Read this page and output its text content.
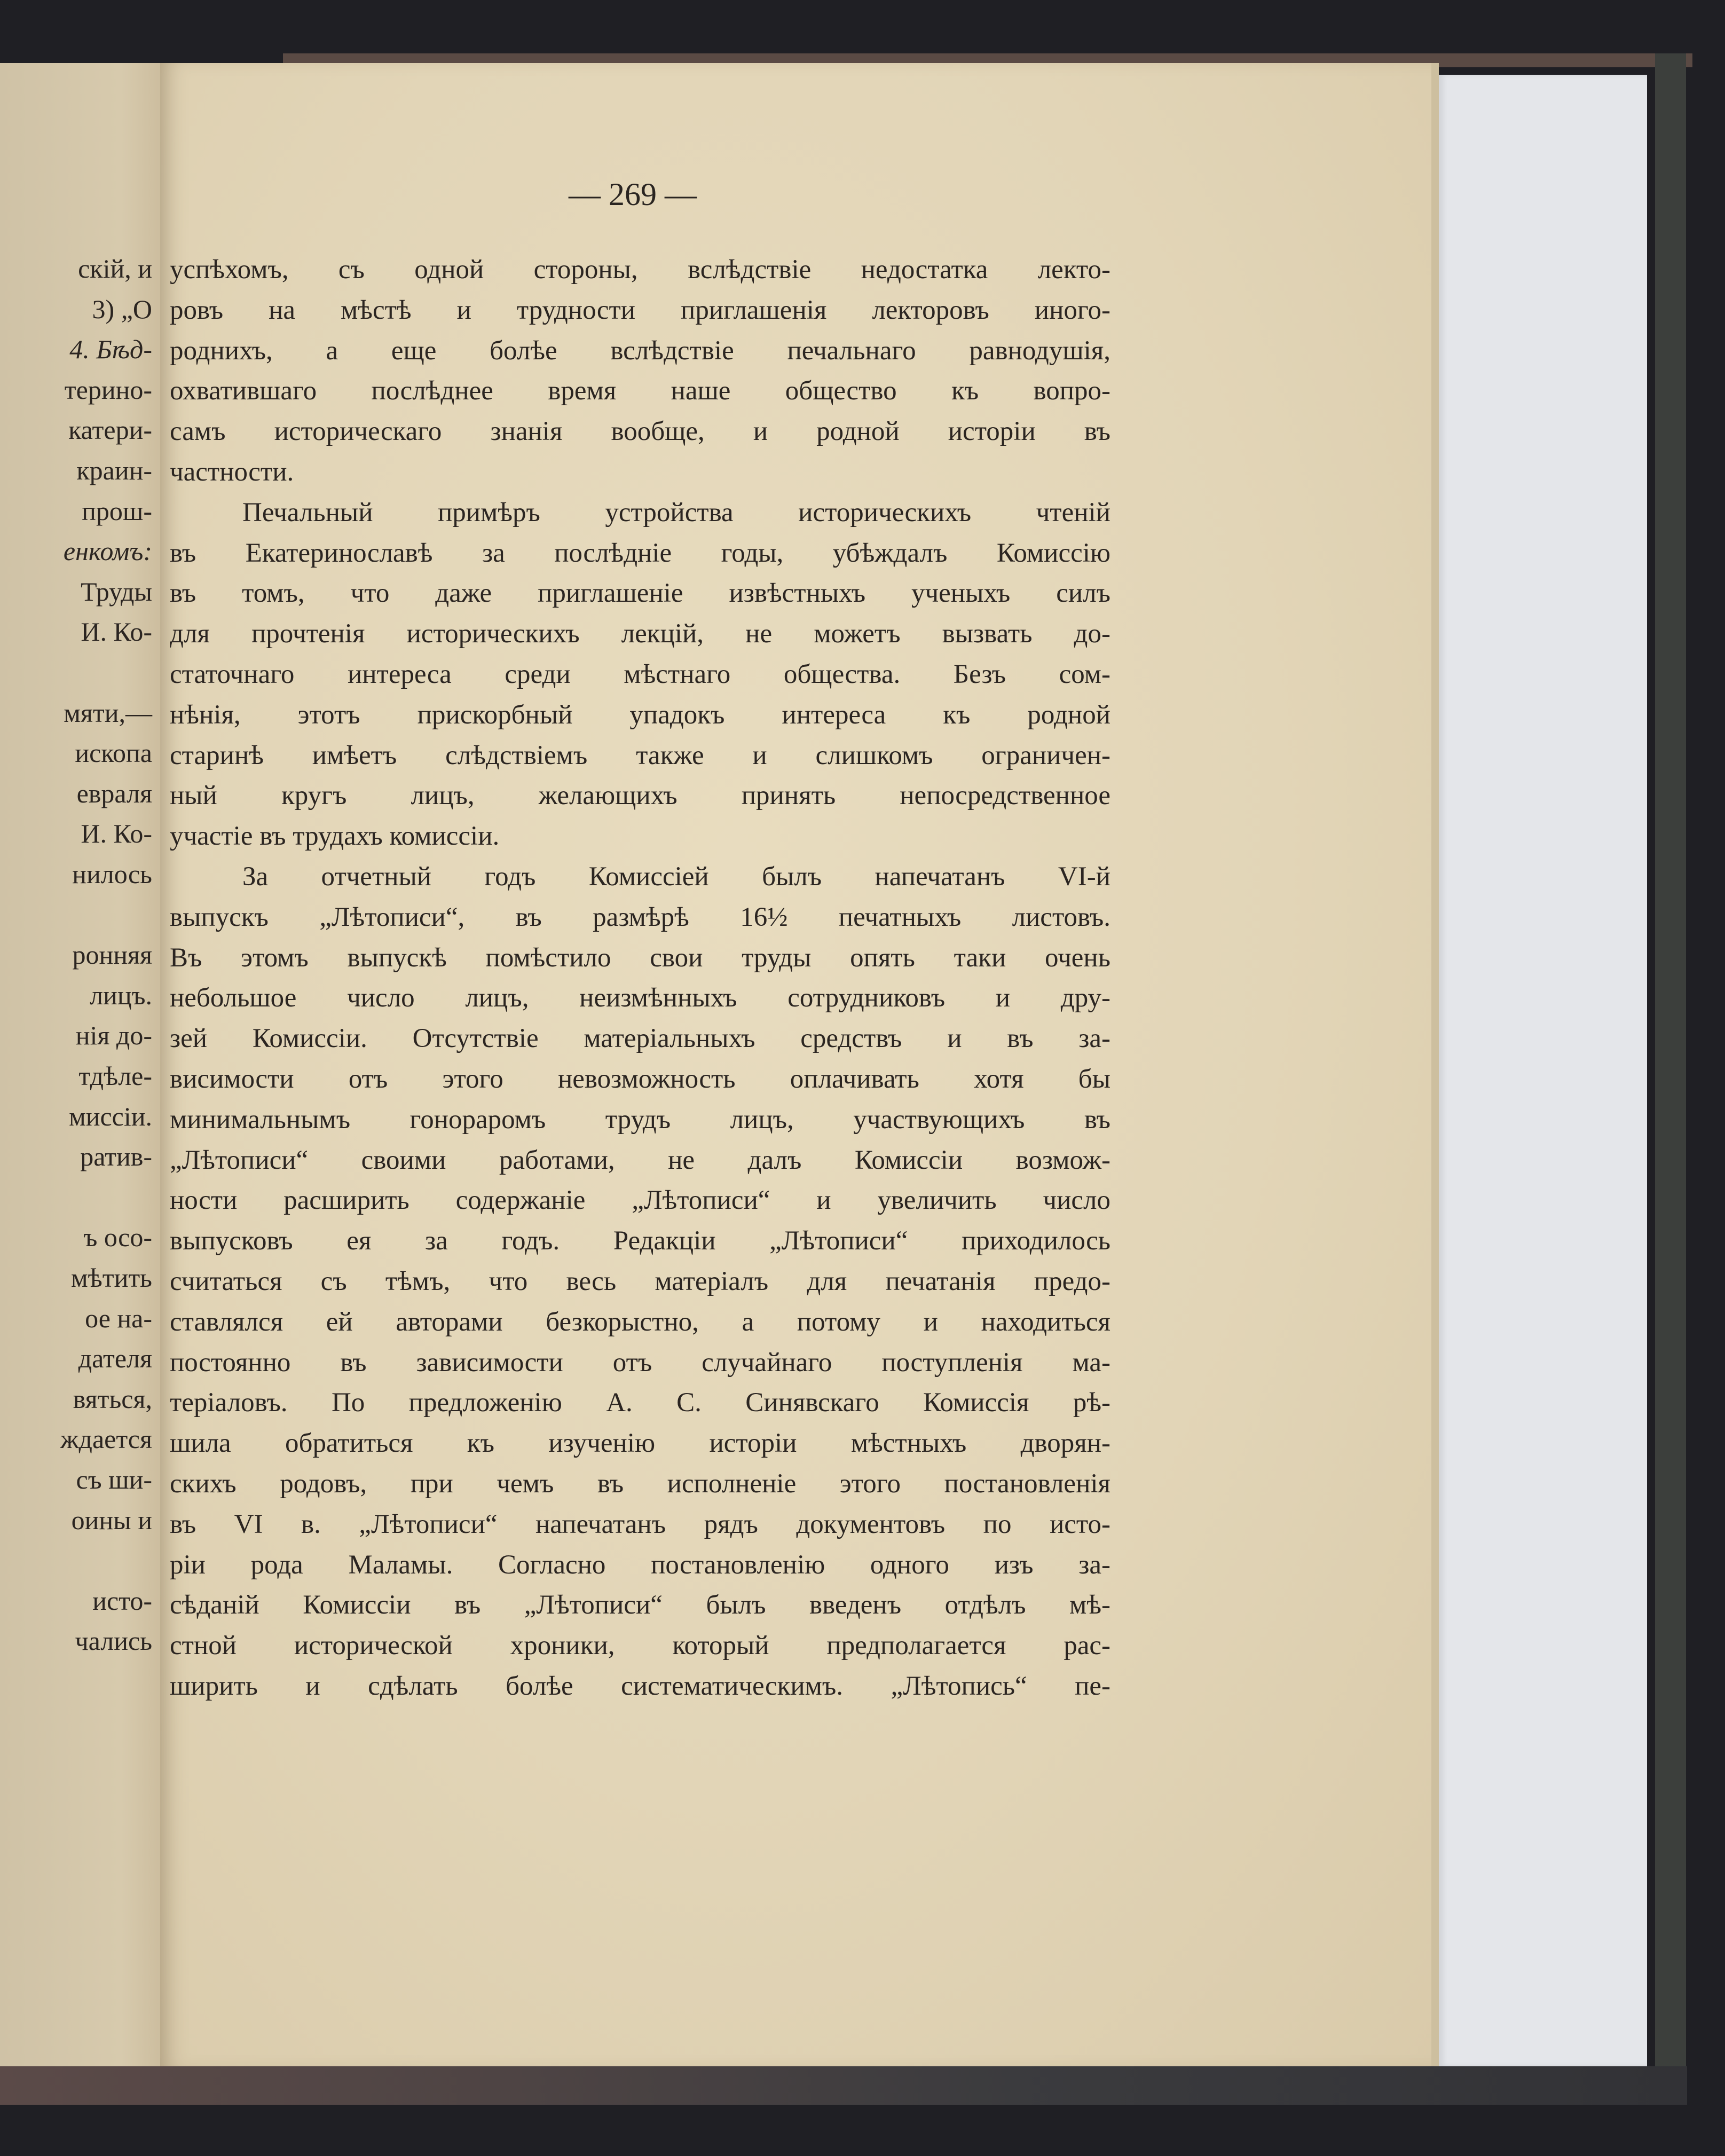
скій, и
3) „О
4. Бѣд-
терино-
катери-
краин-
прош-
енкомъ:
Труды
И. Ко-
мяти,—
ископа
евраля
И. Ко-
нилось
ронняя
лицъ.
нія до-
тдѣле-
миссіи.
ратив-
ъ осо-
мѣтить
ое на-
дателя
вяться,
ждается
съ ши-
оины и
исто-
чались
— 269 —
успѣхомъ, съ одной стороны, вслѣдствіе недостатка лекто-
ровъ на мѣстѣ и трудности приглашенія лекторовъ иного-
роднихъ, а еще болѣе вслѣдствіе печальнаго равнодушія,
охватившаго послѣднее время наше общество къ вопро-
самъ историческаго знанія вообще, и родной исторіи въ
частности.
Печальный примѣръ устройства историческихъ чтеній
въ Екатеринославѣ за послѣдніе годы, убѣждалъ Комиссію
въ томъ, что даже приглашеніе извѣстныхъ ученыхъ силъ
для прочтенія историческихъ лекцій, не можетъ вызвать до-
статочнаго интереса среди мѣстнаго общества. Безъ сом-
нѣнія, этотъ прискорбный упадокъ интереса къ родной
старинѣ имѣетъ слѣдствіемъ также и слишкомъ ограничен-
ный кругъ лицъ, желающихъ принять непосредственное
участіе въ трудахъ комиссіи.
За отчетный годъ Комиссіей былъ напечатанъ VI-й
выпускъ „Лѣтописи“, въ размѣрѣ 16½ печатныхъ листовъ.
Въ этомъ выпускѣ помѣстило свои труды опять таки очень
небольшое число лицъ, неизмѣнныхъ сотрудниковъ и дру-
зей Комиссіи. Отсутствіе матеріальныхъ средствъ и въ за-
висимости отъ этого невозможность оплачивать хотя бы
минимальнымъ гонораромъ трудъ лицъ, участвующихъ въ
„Лѣтописи“ своими работами, не далъ Комиссіи возмож-
ности расширить содержаніе „Лѣтописи“ и увеличить число
выпусковъ ея за годъ. Редакціи „Лѣтописи“ приходилось
считаться съ тѣмъ, что весь матеріалъ для печатанія предо-
ставлялся ей авторами безкорыстно, а потому и находиться
постоянно въ зависимости отъ случайнаго поступленія ма-
теріаловъ. По предложенію А. С. Синявскаго Комиссія рѣ-
шила обратиться къ изученію исторіи мѣстныхъ дворян-
скихъ родовъ, при чемъ въ исполненіе этого постановленія
въ VI в. „Лѣтописи“ напечатанъ рядъ документовъ по исто-
ріи рода Маламы. Согласно постановленію одного изъ за-
сѣданій Комиссіи въ „Лѣтописи“ былъ введенъ отдѣлъ мѣ-
стной исторической хроники, который предполагается рас-
ширить и сдѣлать болѣе систематическимъ. „Лѣтопись“ пе-
